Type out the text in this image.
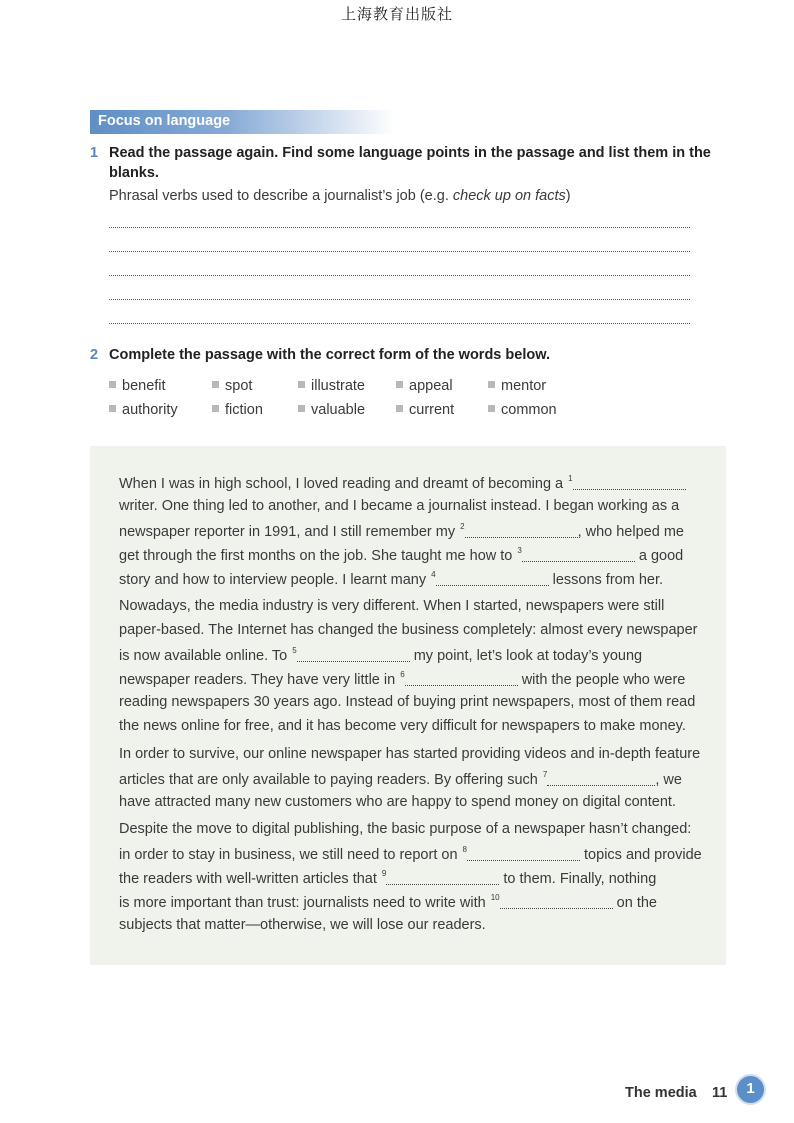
上海教育出版社
Focus on language
1 Read the passage again. Find some language points in the passage and list them in the
blanks.
Phrasal verbs used to describe a journalist’s job (e.g. check up on facts)
2 Complete the passage with the correct form of the words below.
benefit	spot	illustrate	appeal	mentor
authority	fiction	valuable	current	common
When I was in high school, I loved reading and dreamt of becoming a $^1$
writer. One thing led to another, and I became a journalist instead. I began working as a
newspaper reporter in 1991, and I still remember my $^2$	, who helped me
get through the first months on the job. She taught me how to $^3$	a good
story and how to interview people. I learnt many $^4$	lessons from her.
Nowadays, the media industry is very different. When I started, newspapers were still
paper-based. The Internet has changed the business completely: almost every newspaper
is now available online. To $^5$	my point, let’s look at today’s young
newspaper readers. They have very little in $^6$	with the people who were
reading newspapers 30 years ago. Instead of buying print newspapers, most of them read
the news online for free, and it has become very difficult for newspapers to make money.
In order to survive, our online newspaper has started providing videos and in-depth feature
articles that are only available to paying readers. By offering such $^7$	, we
have attracted many new customers who are happy to spend money on digital content.
Despite the move to digital publishing, the basic purpose of a newspaper hasn’t changed:
in order to stay in business, we still need to report on $^8$	topics and provide
the readers with well-written articles that $^9$	to them. Finally, nothing
is more important than trust: journalists need to write with $^{10}$	on the
subjects that matter—otherwise, we will lose our readers.
The media 11	1
